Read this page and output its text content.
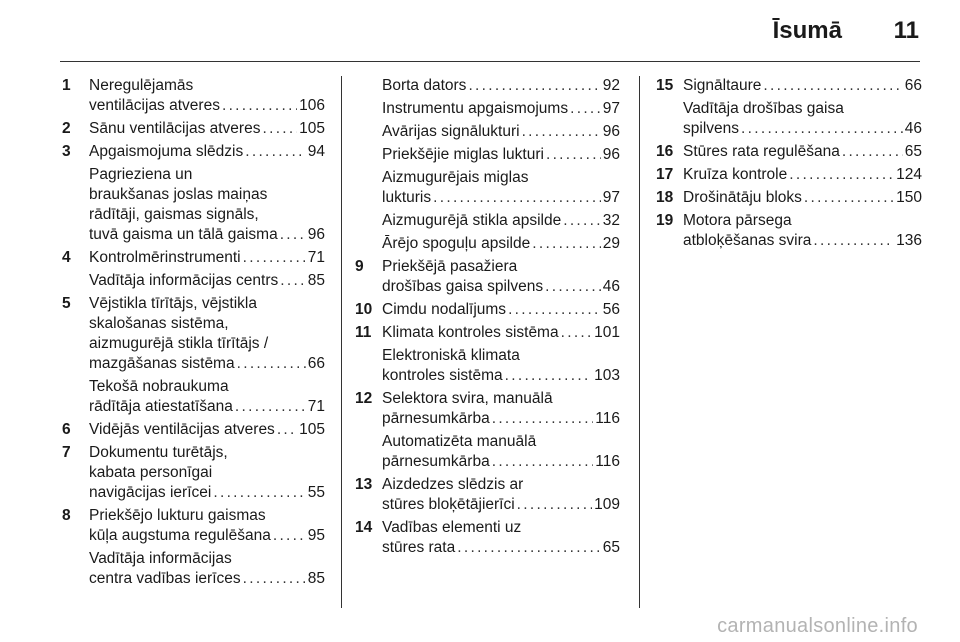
Īsumā 11
1	Neregulējamās
ventilācijas atveres . . .	106
2	Sānu ventilācijas atveres . . . 105
3	Apgaismojuma slēdzis . . .	94
Pagrieziena un
braukšanas joslas maiņas
rādītāji, gaismas signāls,
tuvā gaisma un tālā gaisma . . . 96
4	Kontrolmērinstrumenti . . .	71
Vadītāja informācijas centrs . . . 85
5	Vējstikla tīrītājs, vējstikla
skalošanas sistēma,
aizmugurējā stikla tīrītājs /
mazgāšanas sistēma . . .	66
Tekošā nobraukuma
rādītāja atiestatīšana . . .	71
6	Vidējās ventilācijas atveres . . . 105
7	Dokumentu turētājs,
kabata personīgai
navigācijas ierīcei . . .	55
8	Priekšējo lukturu gaismas
kūļa augstuma regulēšana . . . 95
Vadītāja informācijas
centra vadības ierīces . . .	85
Borta dators . . .	92
Instrumentu apgaismojums . . . 97
Avārijas signālukturi . . .	96
Priekšējie miglas lukturi . . .	96
Aizmugurējais miglas
lukturis . . .	97
Aizmugurējā stikla apsilde . . .	32
Ārējo spoguļu apsilde . . .	29
9	Priekšējā pasažiera
drošības gaisa spilvens . . .	46
10 Cimdu nodalījums . . .	56
11 Klimata kontroles sistēma . . . 101
Elektroniskā klimata
kontroles sistēma . . .	103
12 Selektora svira, manuālā
pārnesumkārba . . .	116
Automatizēta manuālā
pārnesumkārba . . .	116
13 Aizdedzes slēdzis ar
stūres bloķētājierīci . . .	109
14 Vadības elementi uz
stūres rata . . .	65
15 Signāltaure . . .	66
Vadītāja drošības gaisa
spilvens . . .	46
16 Stūres rata regulēšana . . .	65
17 Kruīza kontrole . . .	124
18 Drošinātāju bloks . . .	150
19 Motora pārsega
atbloķēšanas svira . . .	136
carmanualsonline.info
